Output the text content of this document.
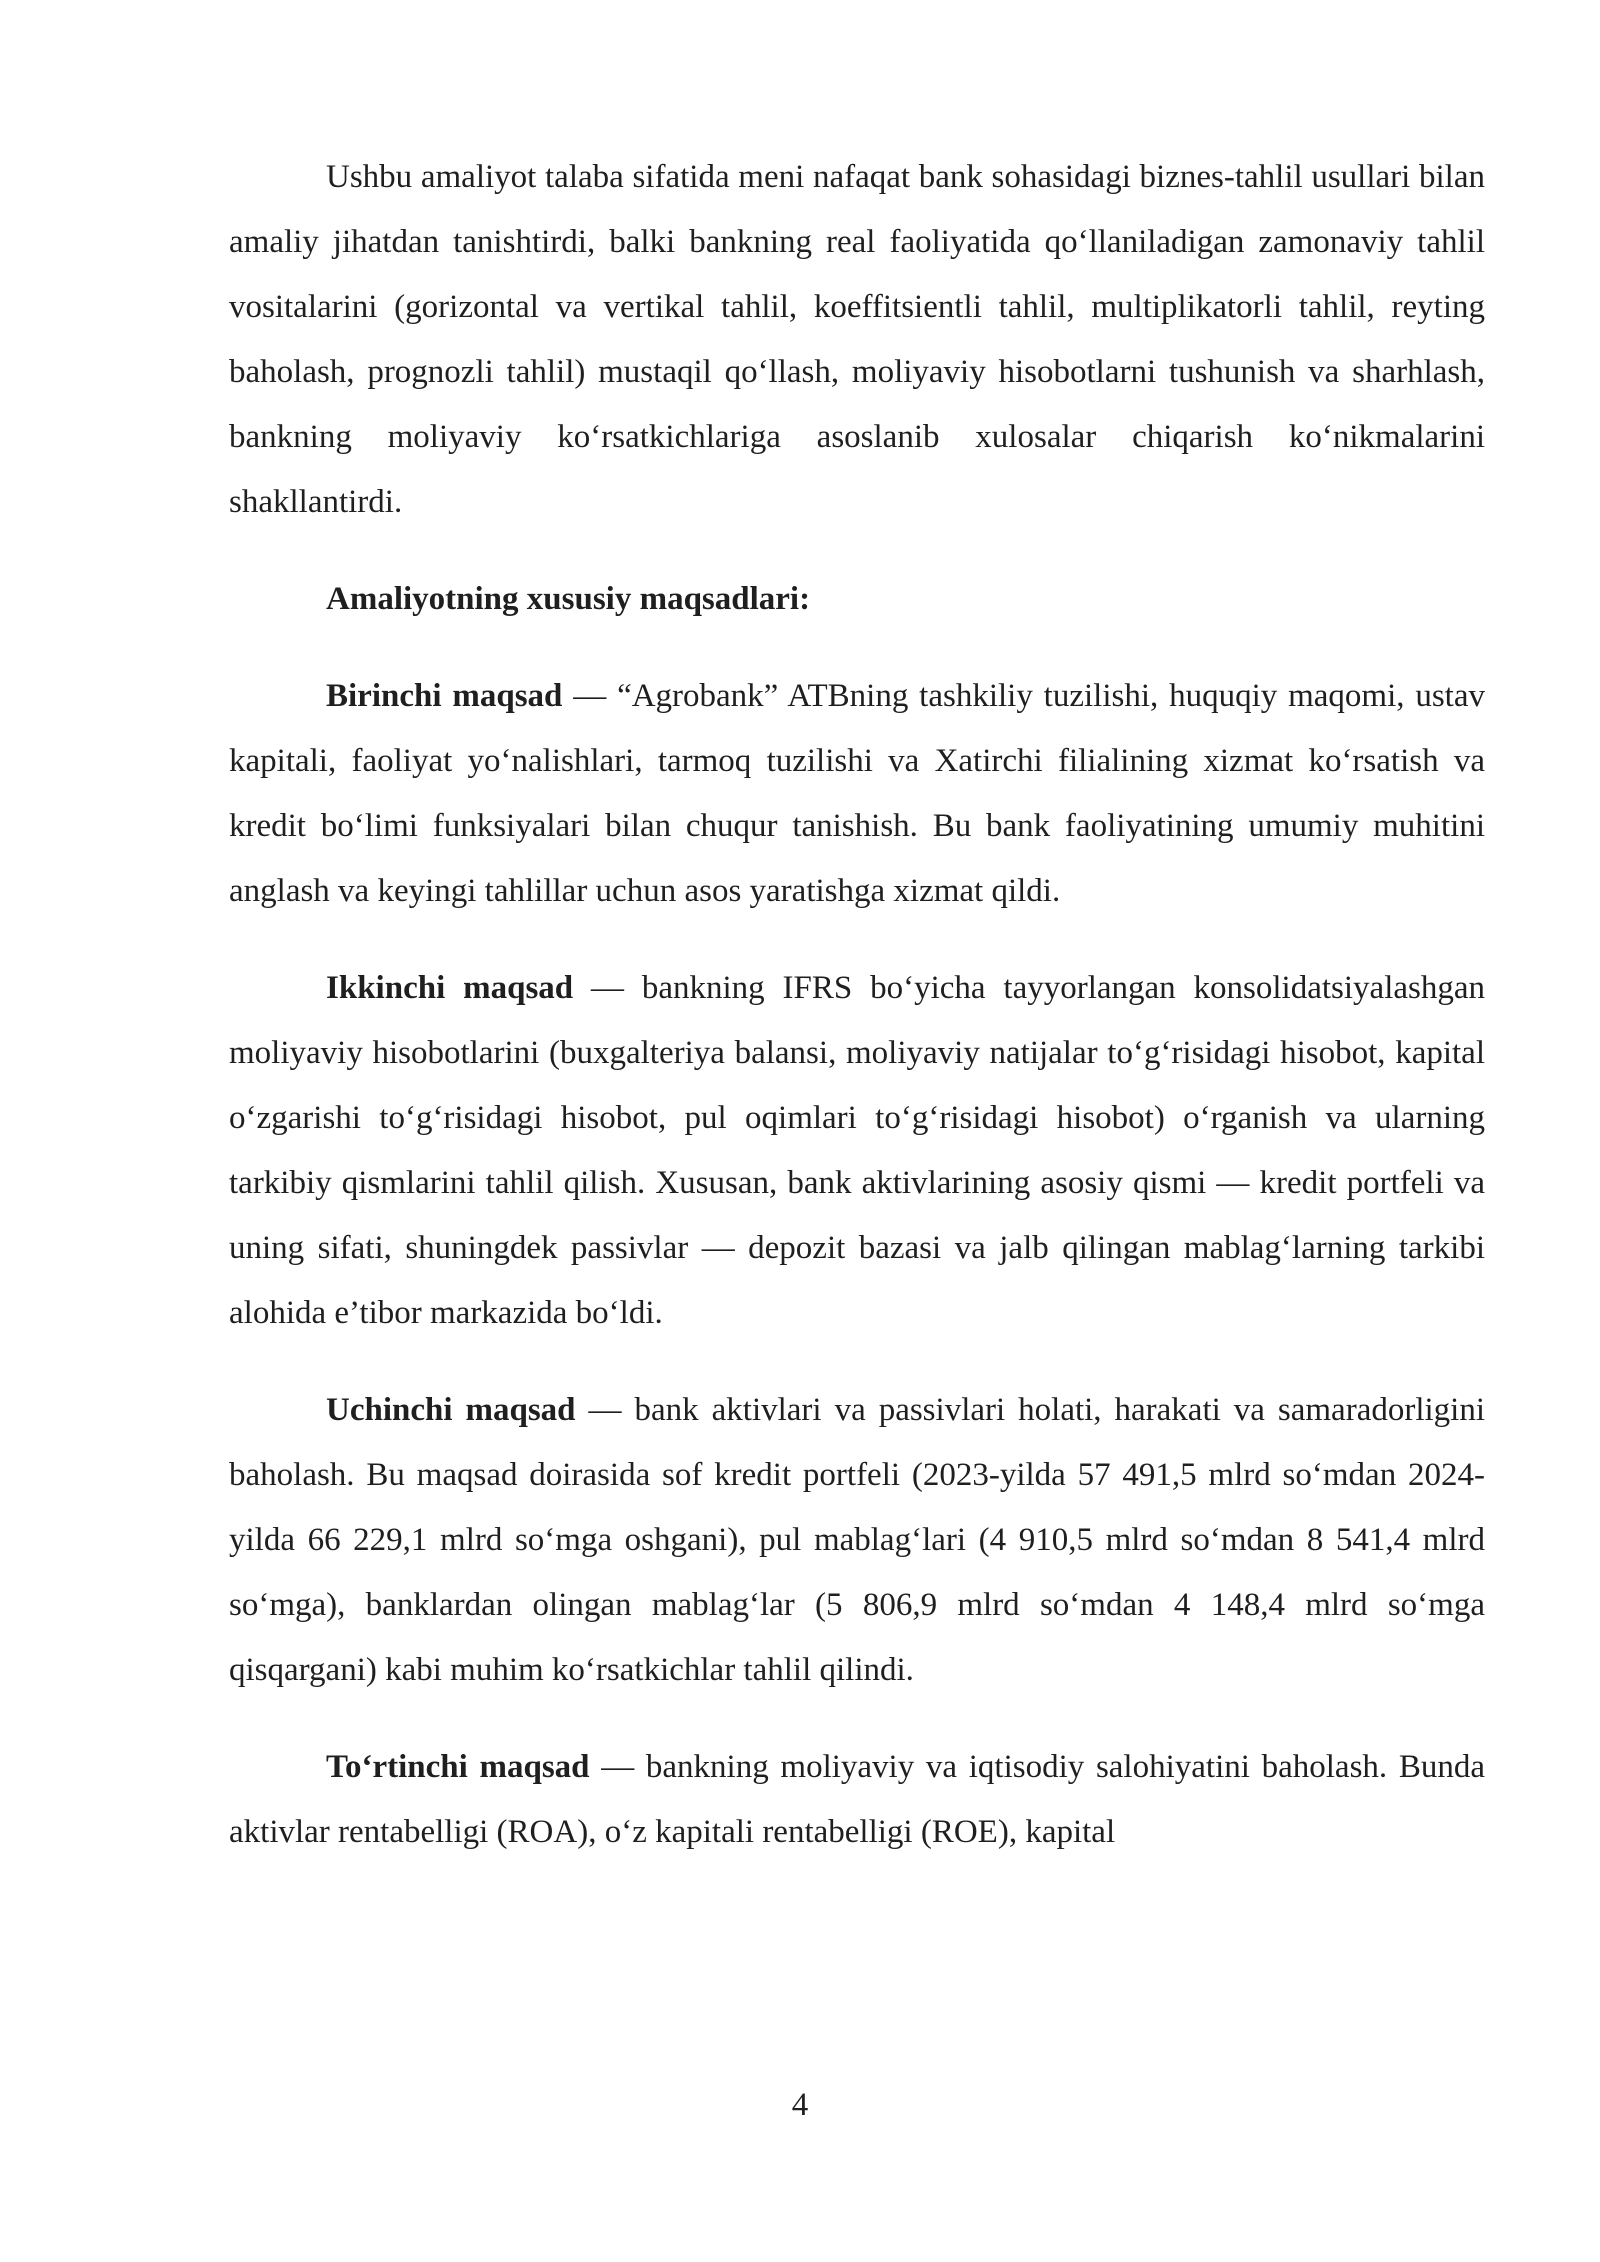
Ushbu amaliyot talaba sifatida meni nafaqat bank sohasidagi biznes-tahlil usullari bilan amaliy jihatdan tanishtirdi, balki bankning real faoliyatida qoʻllaniladigan zamonaviy tahlil vositalarini (gorizontal va vertikal tahlil, koeffitsientli tahlil, multiplikatorli tahlil, reyting baholash, prognozli tahlil) mustaqil qoʻllash, moliyaviy hisobotlarni tushunish va sharhlash, bankning moliyaviy koʻrsatkichlariga asoslanib xulosalar chiqarish koʻnikmalarini shakllantirdi.

Amaliyotning xususiy maqsadlari:

Birinchi maqsad — “Agrobank” ATBning tashkiliy tuzilishi, huquqiy maqomi, ustav kapitali, faoliyat yoʻnalishlari, tarmoq tuzilishi va Xatirchi filialining xizmat koʻrsatish va kredit boʻlimi funksiyalari bilan chuqur tanishish. Bu bank faoliyatining umumiy muhitini anglash va keyingi tahlillar uchun asos yaratishga xizmat qildi.

Ikkinchi maqsad — bankning IFRS boʻyicha tayyorlangan konsolidatsiyalashgan moliyaviy hisobotlarini (buxgalteriya balansi, moliyaviy natijalar toʻgʻrisidagi hisobot, kapital oʻzgarishi toʻgʻrisidagi hisobot, pul oqimlari toʻgʻrisidagi hisobot) oʻrganish va ularning tarkibiy qismlarini tahlil qilish. Xususan, bank aktivlarining asosiy qismi — kredit portfeli va uning sifati, shuningdek passivlar — depozit bazasi va jalb qilingan mablagʻlarning tarkibi alohida e’tibor markazida boʻldi.

Uchinchi maqsad — bank aktivlari va passivlari holati, harakati va samaradorligini baholash. Bu maqsad doirasida sof kredit portfeli (2023-yilda 57 491,5 mlrd soʻmdan 2024-yilda 66 229,1 mlrd soʻmga oshgani), pul mablagʻlari (4 910,5 mlrd soʻmdan 8 541,4 mlrd soʻmga), banklardan olingan mablagʻlar (5 806,9 mlrd soʻmdan 4 148,4 mlrd soʻmga qisqargani) kabi muhim koʻrsatkichlar tahlil qilindi.

Toʻrtinchi maqsad — bankning moliyaviy va iqtisodiy salohiyatini baholash. Bunda aktivlar rentabelligi (ROA), oʻz kapitali rentabelligi (ROE), kapital

4
